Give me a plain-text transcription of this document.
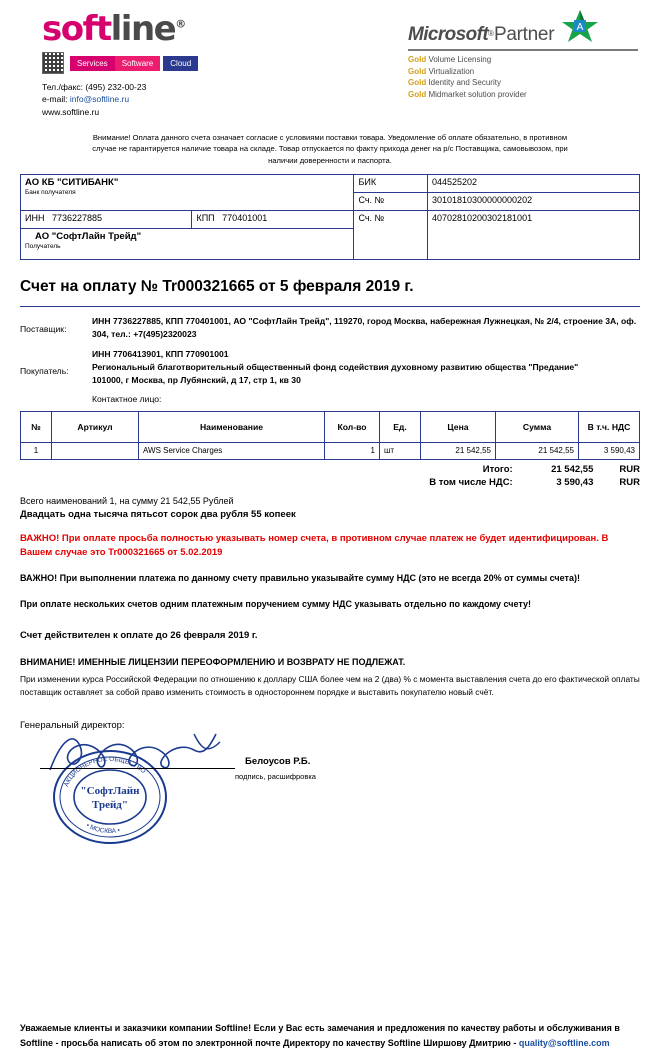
softline®
Services	Software	Cloud
Тел./факс: (495) 232-00-23
e-mail: info@softline.ru
www.softline.ru
A
Microsoft®Partner
Gold Volume Licensing
Gold Virtualization
Gold Identity and Security
Gold Midmarket solution provider
Внимание! Оплата данного счета означает согласие с условиями поставки товара. Уведомление об оплате обязательно, в противном случае не гарантируется наличие товара на складе. Товар отпускается по факту прихода денег на р/с Поставщика, самовывозом, при наличии доверенности и паспорта.
АО КБ "СИТИБАНК"
Банк получателя		БИК	044525202
		Сч. №	30101810300000000202
ИНН 7736227885	КПП 770401001	Сч. №	40702810200302181001
АО "СофтЛайн Трейд"
Получатель			
Счет на оплату № Tr000321665 от 5 февраля 2019 г.
Поставщик:
ИНН 7736227885, КПП 770401001, АО "СофтЛайн Трейд", 119270, город Москва, набережная Лужнецкая, № 2/4, строение 3А, оф. 304, тел.: +7(495)2320023
Покупатель:
ИНН 7706413901, КПП 770901001
Региональный благотворительный общественный фонд содействия духовному развитию общества "Предание"
101000, г Москва, пр Лубянский, д 17, стр 1, кв 30
Контактное лицо:
№	Артикул	Наименование	Кол-во	Ед.	Цена	Сумма	В т.ч. НДС
1		AWS Service Charges	1	шт	21 542,55	21 542,55	3 590,43
Итого:	21 542,55	RUR
В том числе НДС:	3 590,43	RUR
Всего наименований 1, на сумму 21 542,55 Рублей
Двадцать одна тысяча пятьсот сорок два рубля 55 копеек
ВАЖНО! При оплате просьба полностью указывать номер счета, в противном случае платеж не будет идентифицирован. В Вашем случае это Tr000321665 от 5.02.2019
ВАЖНО! При выполнении платежа по данному счету правильно указывайте сумму НДС (это не всегда 20% от суммы счета)!
При оплате нескольких счетов одним платежным поручением сумму НДС указывать отдельно по каждому счету!
Счет действителен к оплате до 26 февраля 2019 г.
ВНИМАНИЕ! ИМЕННЫЕ ЛИЦЕНЗИИ ПЕРЕОФОРМЛЕНИЮ И ВОЗВРАТУ НЕ ПОДЛЕЖАТ.
При изменении курса Российской Федерации по отношению к доллару США более чем на 2 (два) % с момента выставления счета до его фактической оплаты поставщик оставляет за собой право изменить стоимость в одностороннем порядке и выставить покупателю новый счёт.
Генеральный директор:
АКЦИОНЕРНОЕ ОБЩЕСТВО
• МОСКВА •
"СофтЛайн
Трейд"
Белоусов Р.Б.
подпись, расшифровка
Уважаемые клиенты и заказчики компании Softline! Если у Вас есть замечания и предложения по качеству работы и обслуживания в Softline - просьба написать об этом по электронной почте Директору по качеству Softline Ширшову Дмитрию - quality@softline.com
